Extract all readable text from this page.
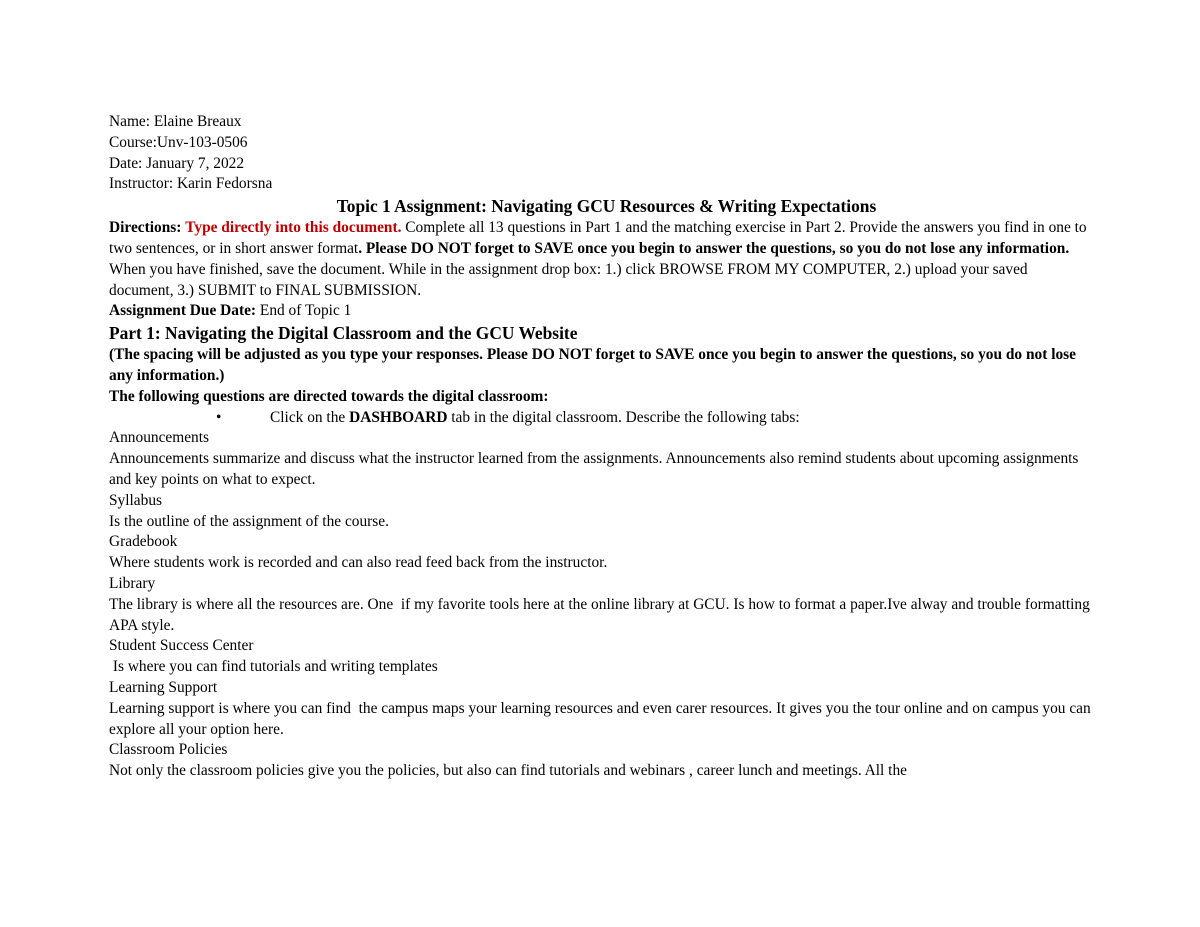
Name: Elaine Breaux
Course:Unv-103-0506
Date: January 7, 2022
Instructor: Karin Fedorsna
Topic 1 Assignment: Navigating GCU Resources & Writing Expectations
Directions: Type directly into this document. Complete all 13 questions in Part 1 and the matching exercise in Part 2. Provide the answers you find in one to two sentences, or in short answer format. Please DO NOT forget to SAVE once you begin to answer the questions, so you do not lose any information.
When you have finished, save the document. While in the assignment drop box: 1.) click BROWSE FROM MY COMPUTER, 2.) upload your saved document, 3.) SUBMIT to FINAL SUBMISSION.
Assignment Due Date: End of Topic 1
Part 1: Navigating the Digital Classroom and the GCU Website
(The spacing will be adjusted as you type your responses. Please DO NOT forget to SAVE once you begin to answer the questions, so you do not lose any information.)
The following questions are directed towards the digital classroom:
•	Click on the DASHBOARD tab in the digital classroom. Describe the following tabs:
Announcements
Announcements summarize and discuss what the instructor learned from the assignments. Announcements also remind students about upcoming assignments and key points on what to expect.
Syllabus
Is the outline of the assignment of the course.
Gradebook
Where students work is recorded and can also read feed back from the instructor.
Library
The library is where all the resources are. One  if my favorite tools here at the online library at GCU. Is how to format a paper.Ive alway and trouble formatting APA style.
Student Success Center
Is where you can find tutorials and writing templates
Learning Support
Learning support is where you can find  the campus maps your learning resources and even carer resources. It gives you the tour online and on campus you can explore all your option here.
Classroom Policies
Not only the classroom policies give you the policies, but also can find tutorials and webinars , career lunch and meetings. All the
